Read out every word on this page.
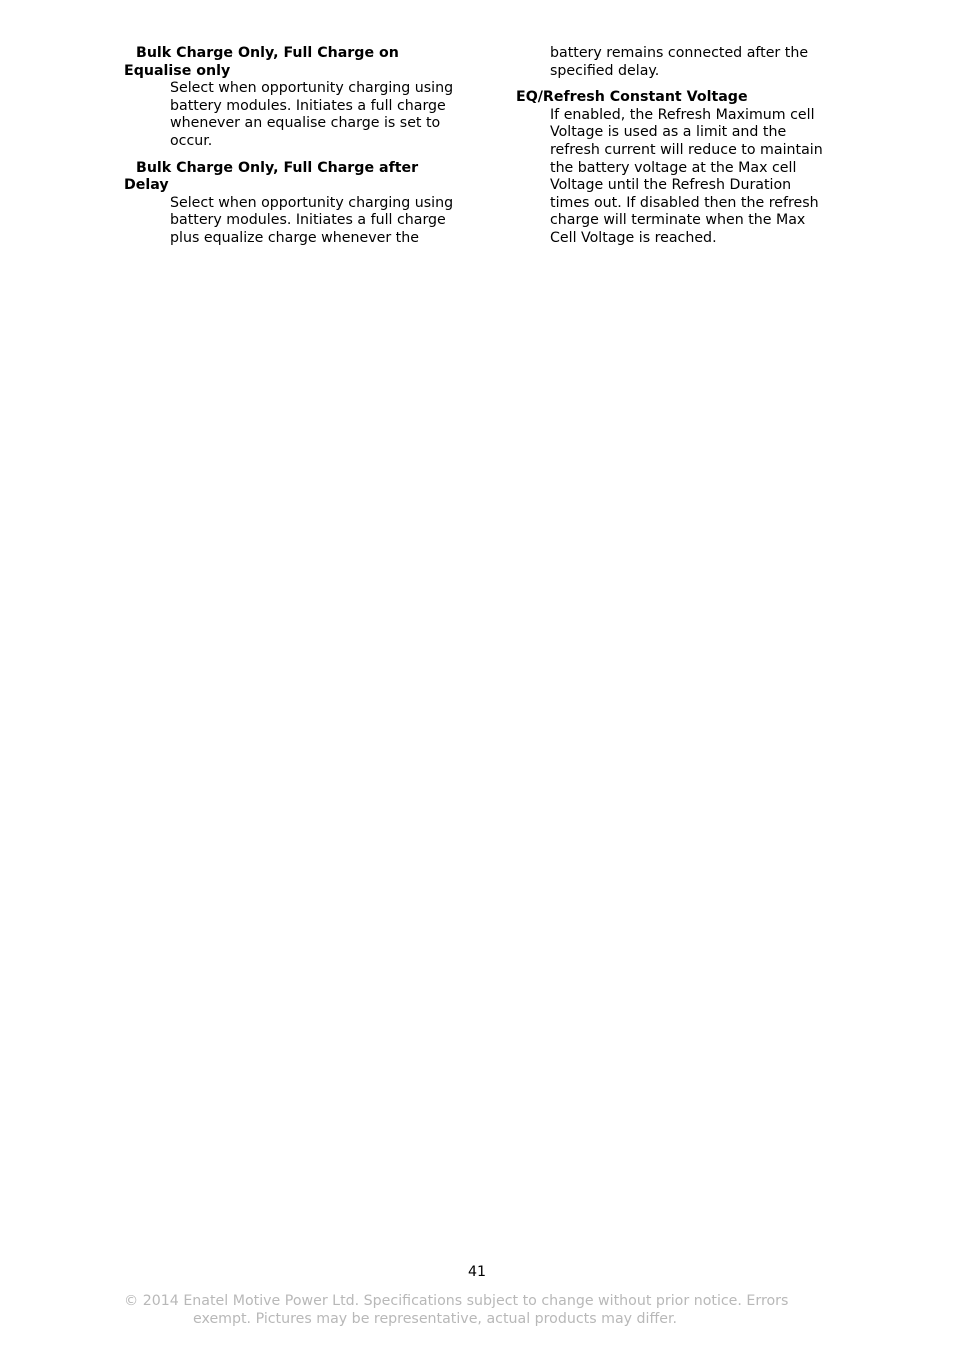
Bulk Charge Only, Full Charge on
Equalise only

Select when opportunity charging using
battery modules. Initiates a full charge
whenever an equalise charge is set to
occur.

Bulk Charge Only, Full Charge after
Delay

Select when opportunity charging using
battery modules. Initiates a full charge
plus equalize charge whenever the
battery remains connected after the
specified delay.

EQ/Refresh Constant Voltage

If enabled, the Refresh Maximum cell
Voltage is used as a limit and the
refresh current will reduce to maintain
the battery voltage at the Max cell
Voltage until the Refresh Duration
times out. If disabled then the refresh
charge will terminate when the Max
Cell Voltage is reached.
41
© 2014 Enatel Motive Power Ltd. Specifications subject to change without prior notice. Errors
exempt. Pictures may be representative, actual products may differ.
